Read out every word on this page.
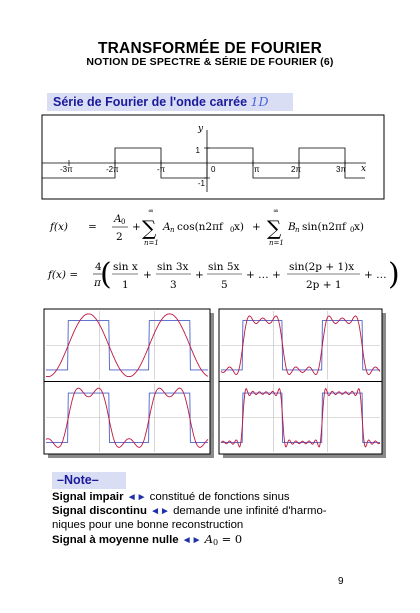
TRANSFORMÉE DE FOURIER
NOTION DE SPECTRE & SÉRIE DE FOURIER (6)
Série de Fourier de l'onde carrée 1D
y
x
1
-1
-3π	-2π	-π	0	π	2π	3π
f(x) =
A 0
2
+
∞
∑
n=1
A n cos(n2πf 0 x) +
∞
∑
n=1
B n sin(n2πf 0 x)
f(x) =
4
π ( sin x
1
+
sin 3x
3
+
sin 5x
5
+ … +
sin(2p + 1)x
2p + 1
+ … )
–Note–
Signal impair ◄► constitué de fonctions sinus
Signal discontinu ◄► demande une infinité d'harmo-
niques pour une bonne reconstruction
Signal à moyenne nulle ◄► A0 = 0
9
